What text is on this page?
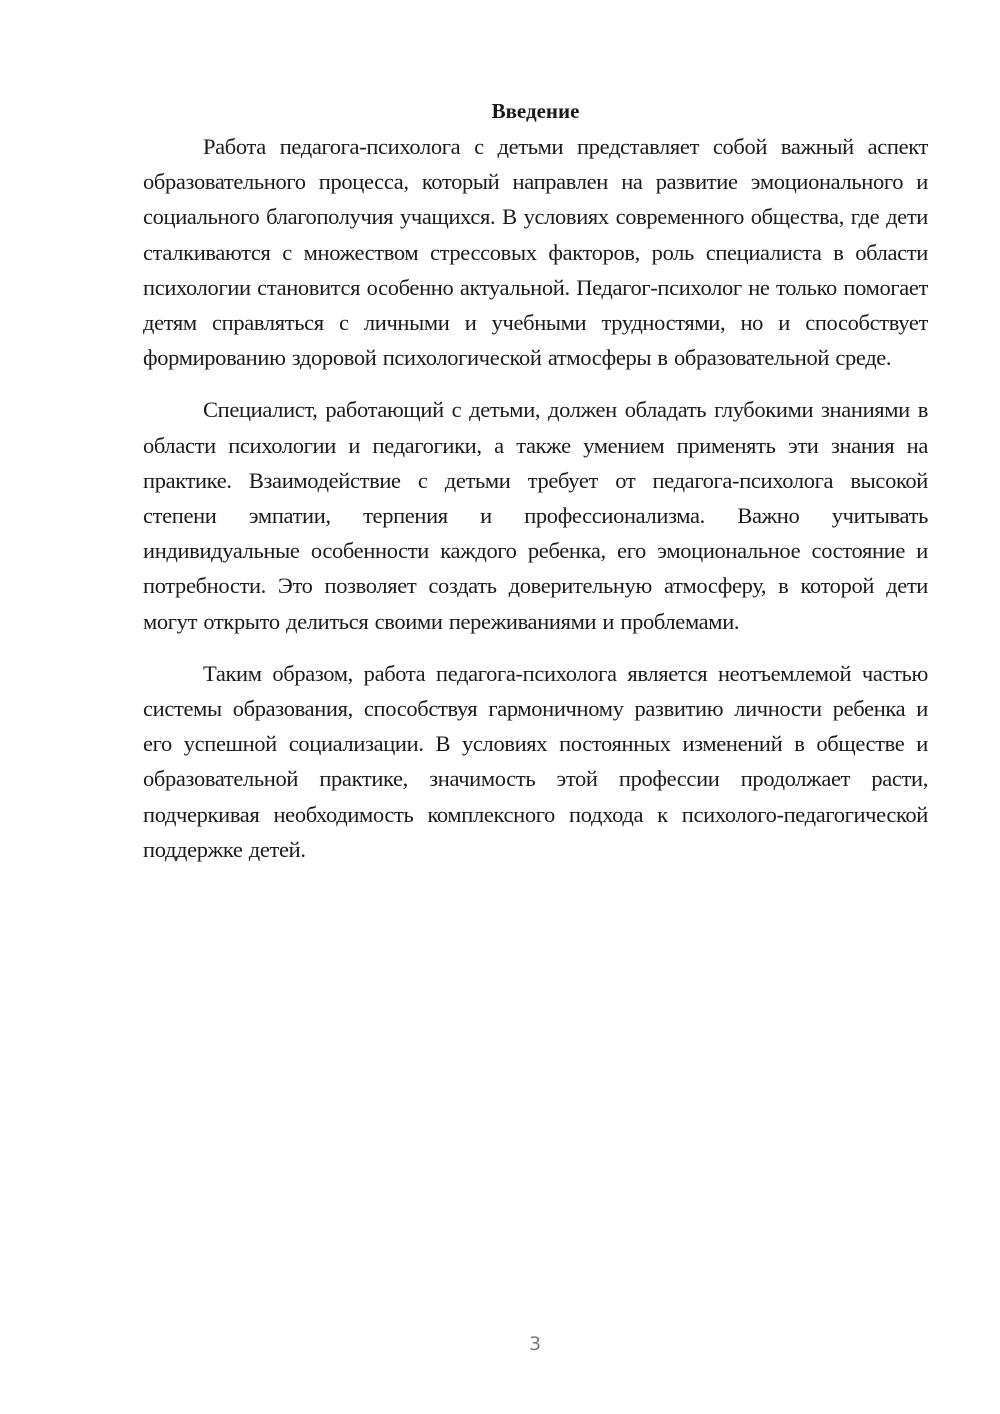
Введение

Работа педагога-психолога с детьми представляет собой важный аспект образовательного процесса, который направлен на развитие эмоционального и социального благополучия учащихся. В условиях современного общества, где дети сталкиваются с множеством стрессовых факторов, роль специалиста в области психологии становится особенно актуальной. Педагог-психолог не только помогает детям справляться с личными и учебными трудностями, но и способствует формированию здоровой психологической атмосферы в образовательной среде.

Специалист, работающий с детьми, должен обладать глубокими знаниями в области психологии и педагогики, а также умением применять эти знания на практике. Взаимодействие с детьми требует от педагога-психолога высокой степени эмпатии, терпения и профессионализма. Важно учитывать индивидуальные особенности каждого ребенка, его эмоциональное состояние и потребности. Это позволяет создать доверительную атмосферу, в которой дети могут открыто делиться своими переживаниями и проблемами.

Таким образом, работа педагога-психолога является неотъемлемой частью системы образования, способствуя гармоничному развитию личности ребенка и его успешной социализации. В условиях постоянных изменений в обществе и образовательной практике, значимость этой профессии продолжает расти, подчеркивая необходимость комплексного подхода к психолого-педагогической поддержке детей.

3
